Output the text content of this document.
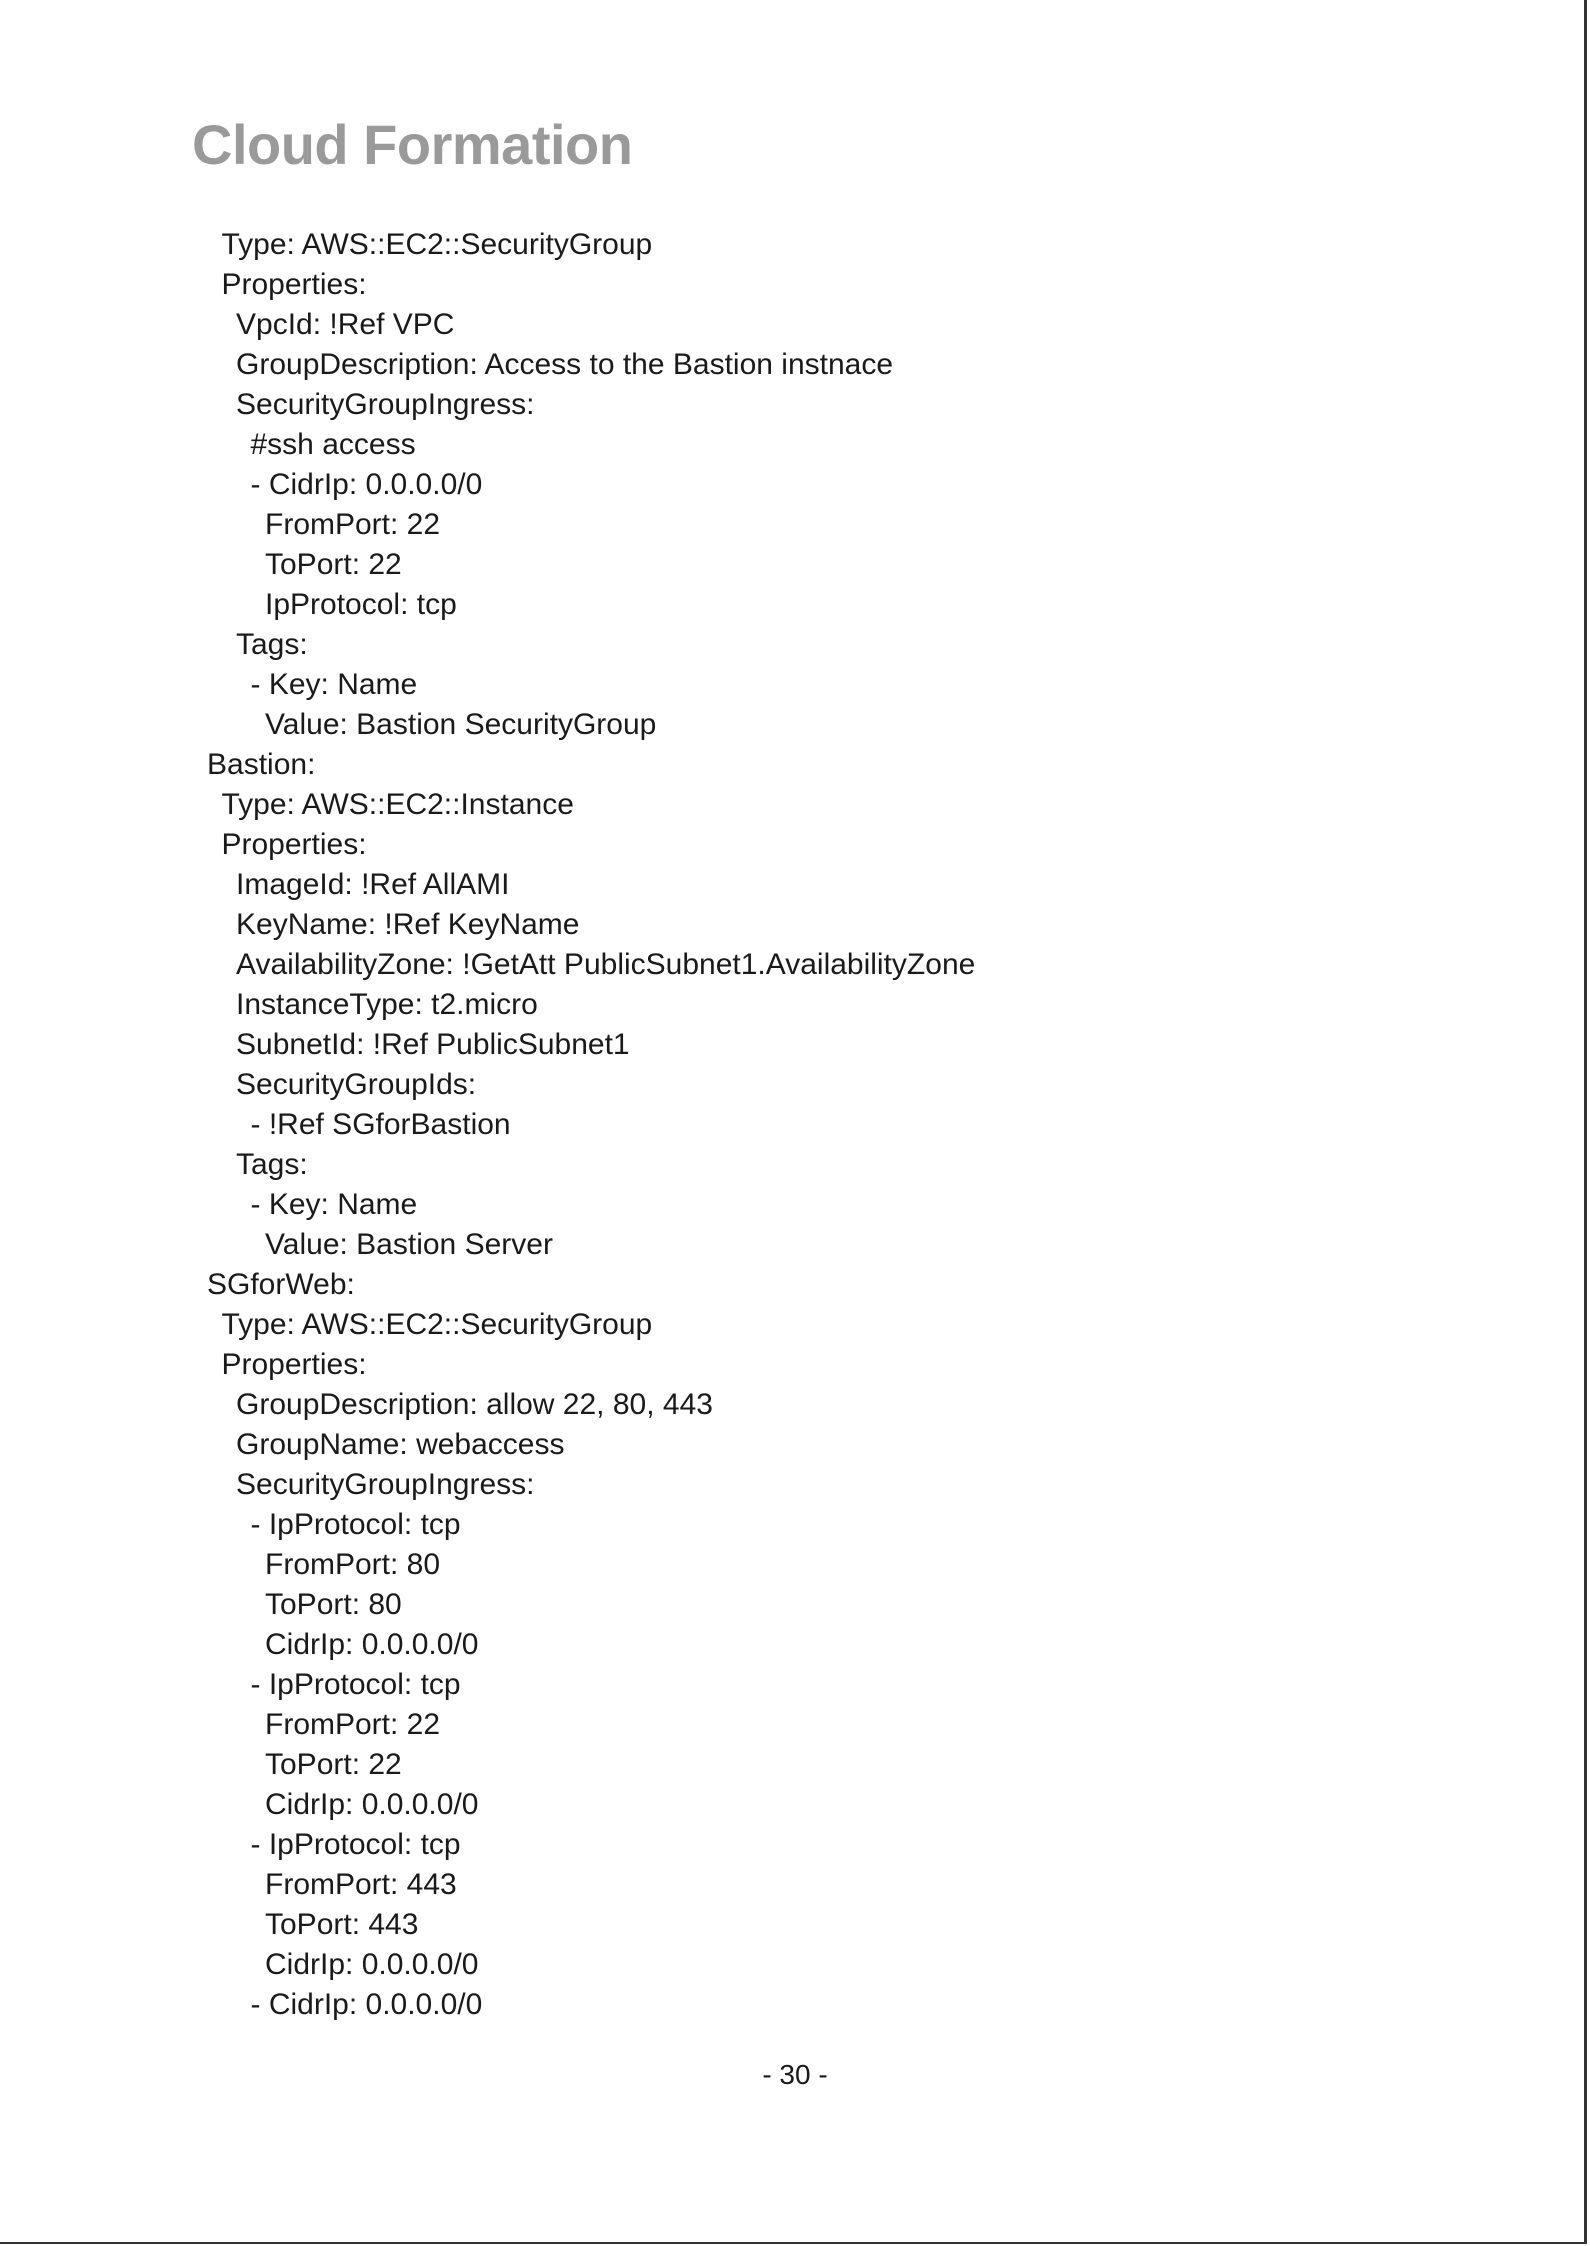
Cloud Formation
Type: AWS::EC2::SecurityGroup
Properties:
VpcId: !Ref VPC
GroupDescription: Access to the Bastion instnace
SecurityGroupIngress:
#ssh access
- CidrIp: 0.0.0.0/0
FromPort: 22
ToPort: 22
IpProtocol: tcp
Tags:
- Key: Name
Value: Bastion SecurityGroup
Bastion:
Type: AWS::EC2::Instance
Properties:
ImageId: !Ref AllAMI
KeyName: !Ref KeyName
AvailabilityZone: !GetAtt PublicSubnet1.AvailabilityZone
InstanceType: t2.micro
SubnetId: !Ref PublicSubnet1
SecurityGroupIds:
- !Ref SGforBastion
Tags:
- Key: Name
Value: Bastion Server
SGforWeb:
Type: AWS::EC2::SecurityGroup
Properties:
GroupDescription: allow 22, 80, 443
GroupName: webaccess
SecurityGroupIngress:
- IpProtocol: tcp
FromPort: 80
ToPort: 80
CidrIp: 0.0.0.0/0
- IpProtocol: tcp
FromPort: 22
ToPort: 22
CidrIp: 0.0.0.0/0
- IpProtocol: tcp
FromPort: 443
ToPort: 443
CidrIp: 0.0.0.0/0
- CidrIp: 0.0.0.0/0
- 30 -
